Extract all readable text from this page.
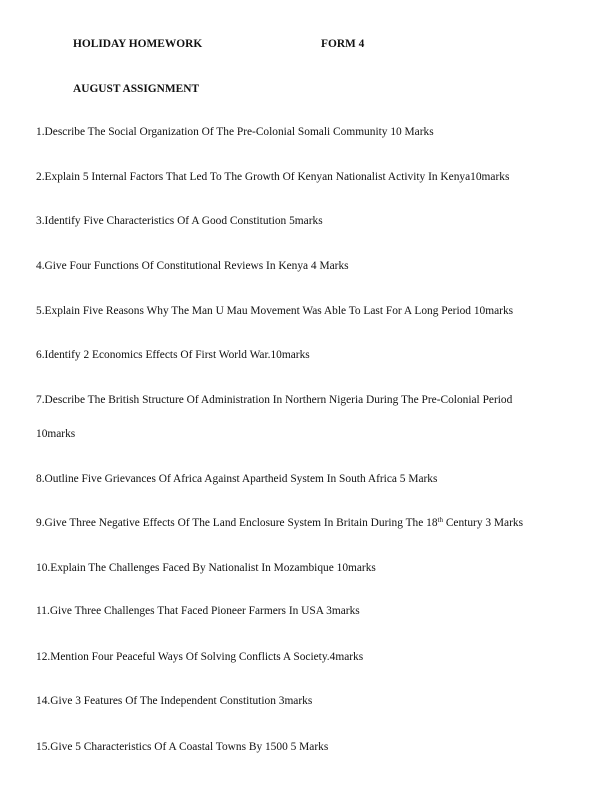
HOLIDAY HOMEWORK	FORM 4
AUGUST ASSIGNMENT
1.Describe The Social Organization Of The Pre-Colonial Somali Community 10 Marks
2.Explain 5 Internal Factors That Led To The Growth Of Kenyan Nationalist Activity In Kenya10marks
3.Identify Five Characteristics Of A Good Constitution 5marks
4.Give Four Functions Of Constitutional Reviews In Kenya 4 Marks
5.Explain Five Reasons Why The Man U Mau Movement Was Able To Last For A Long Period 10marks
6.Identify 2 Economics Effects Of First World War.10marks
7.Describe The British Structure Of Administration In Northern Nigeria During The Pre-Colonial Period
10marks
8.Outline Five Grievances Of Africa Against Apartheid System In South Africa 5 Marks
9.Give Three Negative Effects Of The Land Enclosure System In Britain During The 18th Century 3 Marks
10.Explain The Challenges Faced By Nationalist In Mozambique 10marks
11.Give Three Challenges That Faced Pioneer Farmers In USA 3marks
12.Mention Four Peaceful Ways Of Solving Conflicts A Society.4marks
14.Give 3 Features Of The Independent Constitution 3marks
15.Give 5 Characteristics Of A Coastal Towns By 1500 5 Marks
